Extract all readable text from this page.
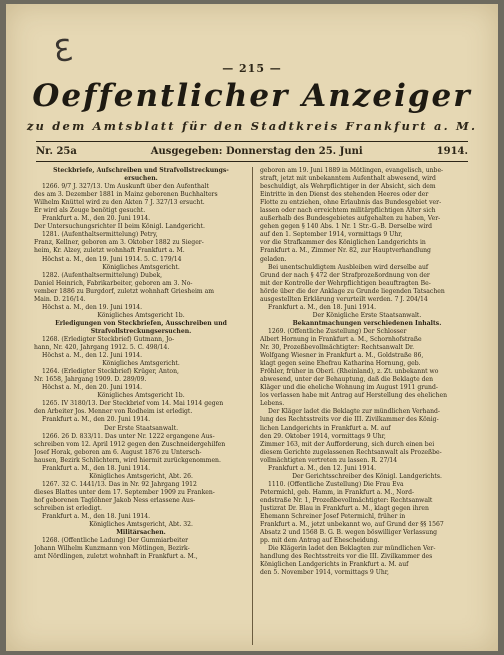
Ɛ	— 215 —
Oeffentlicher Anzeiger
zu dem Amtsblatt für den Stadtkreis Frankfurt a. M.
Nr. 25a	Ausgegeben: Donnerstag den 25. Juni	1914.
Steckbriefe, Aufschreiben und Strafvollstreckungs-
ersuchen.
1266. 9/7 J. 327/13. Um Auskunft über den Aufenthalt
des am 3. Dezember 1881 in Mainz geborenen Buchhalters
Wilhelm Knüttel wird zu den Akten 7 J. 327/13 ersucht.
Er wird als Zeuge benötigt gesucht.
Frankfurt a. M., den 20. Juni 1914.
Der Untersuchungsrichter II beim Königl. Landgericht.
1281. (Aufenthaltsermittelung) Petry,
Franz, Kellner, geboren am 3. Oktober 1882 zu Sieger-
heim, Kr. Alzey, zuletzt wohnhaft Frankfurt a. M.
Höchst a. M., den 19. Juni 1914. 5. C. 179/14
Königliches Amtsgericht.
1282. (Aufenthaltsermittelung) Dubek,
Daniel Heinrich, Fabrikarbeiter, geboren am 3. No-
vember 1886 zu Burgdorf, zuletzt wohnhaft Griesheim am
Main. D. 216/14.
Höchst a. M., den 19. Juni 1914.
Königliches Amtsgericht 1b.
Erledigungen von Steckbriefen, Ausschreiben und
Strafvollstreckungsersuchen.
1268. (Erledigter Steckbrief) Gutmann, Jo-
hann, Nr. 420, Jahrgang 1912. 5. C. 498/14.
Höchst a. M., den 12. Juni 1914.
Königliches Amtsgericht.
1264. (Erledigter Steckbrief) Krüger, Anton,
Nr. 1658, Jahrgang 1909. D. 289/09.
Höchst a. M., den 20. Juni 1914.
Königliches Amtsgericht 1b.
1265. IV 3180/13. Der Steckbrief vom 14. Mai 1914 gegen
den Arbeiter Jos. Menner von Rodheim ist erledigt.
Frankfurt a. M., den 20. Juni 1914.
Der Erste Staatsanwalt.
1266. 26 D. 833/11. Das unter Nr. 1222 ergangene Aus-
schreiben vom 12. April 1912 gegen den Zuschneidergehilfen
Josef Horak, geboren am 6. August 1876 zu Untersch-
hausen, Bezirk Schlüchtern, wird hiermit zurückgenommen.
Frankfurt a. M., den 18. Juni 1914.
Königliches Amtsgericht, Abt. 26.
1267. 32 C. 1441/13. Das in Nr. 92 Jahrgang 1912
dieses Blattes unter dem 17. September 1909 zu Franken-
hof geborenen Taglöhner Jakob Ness erlassene Aus-
schreiben ist erledigt.
Frankfurt a. M., den 18. Juni 1914.
Königliches Amtsgericht, Abt. 32.
Militärsachen.
1268. (Öffentliche Ladung) Der Gummiarbeiter
Johann Wilhelm Kunzmann von Mötlingen, Bezirk-
amt Nördlingen, zuletzt wohnhaft in Frankfurt a. M.,
geboren am 19. Juni 1889 in Mötlingen, evangelisch, unbe-
straft, jetzt mit unbekanntem Aufenthalt abwesend, wird
beschuldigt, als Wehrpflichtiger in der Absicht, sich dem
Eintritte in den Dienst des stehenden Heeres oder der
Flotte zu entziehen, ohne Erlaubnis das Bundesgebiet ver-
lassen oder nach erreichtem militärpflichtigen Alter sich
außerhalb des Bundesgebietes aufgehalten zu haben, Ver-
gehen gegen § 140 Abs. 1 Nr. 1 Str.-G.-B. Derselbe wird
auf den 1. September 1914, vormittags 9 Uhr,
vor die Strafkammer des Königlichen Landgerichts in
Frankfurt a. M., Zimmer Nr. 82, zur Hauptverhandlung
geladen.
Bei unentschuldigtem Ausbleiben wird derselbe auf
Grund der nach § 472 der Strafprozeßordnung von der
mit der Kontrolle der Wehrpflichtigen beauftragten Be-
hörde über die der Anklage zu Grunde liegenden Tatsachen
ausgestellten Erklärung verurteilt werden. 7 J. 204/14
Frankfurt a. M., den 18. Juni 1914.
Der Königliche Erste Staatsanwalt.
Bekanntmachungen verschiedenen Inhalts.
1269. (Öffentliche Zustellung) Der Schlosser
Albert Hornung in Frankfurt a. M., Schornhofstraße
Nr. 30, Prozeßbevollmächtigter: Rechtsanwalt Dr.
Wolfgang Wiesner in Frankfurt a. M., Goldstraße 86,
klagt gegen seine Ehefrau Katharina Hornung, geb.
Fröhler, früher in Oberl. (Rheinland), z. Zt. unbekannt wo
abwesend, unter der Behauptung, daß die Beklagte den
Kläger und die eheliche Wohnung im August 1911 grund-
los verlassen habe mit Antrag auf Herstellung des ehelichen
Lebens.
Der Kläger ladet die Beklagte zur mündlichen Verhand-
lung des Rechtsstreits vor die III. Zivilkammer des König-
lichen Landgerichts in Frankfurt a. M. auf
den 29. Oktober 1914, vormittags 9 Uhr,
Zimmer 163, mit der Aufforderung, sich durch einen bei
diesem Gerichte zugelassenen Rechtsanwalt als Prozeßbe-
vollmächtigten vertreten zu lassen. R. 27/14
Frankfurt a. M., den 12. Juni 1914.
Der Gerichtsschreiber des Königl. Landgerichts.
1110. (Öffentliche Zustellung) Die Frau Eva
Petermichl, geb. Hamm, in Frankfurt a. M., Nord-
endstraße Nr. 1, Prozeßbevollmächtigter: Rechtsanwalt
Justizrat Dr. Blau in Frankfurt a. M., klagt gegen ihren
Ehemann Schreiner Josef Petermichl, früher in
Frankfurt a. M., jetzt unbekannt wo, auf Grund der §§ 1567
Absatz 2 und 1568 B. G. B. wegen böswilliger Verlassung
pp. mit dem Antrag auf Ehescheidung.
Die Klägerin ladet den Beklagten zur mündlichen Ver-
handlung des Rechtsstreits vor die III. Zivilkammer des
Königlichen Landgerichts in Frankfurt a. M. auf
den 5. November 1914, vormittags 9 Uhr,
